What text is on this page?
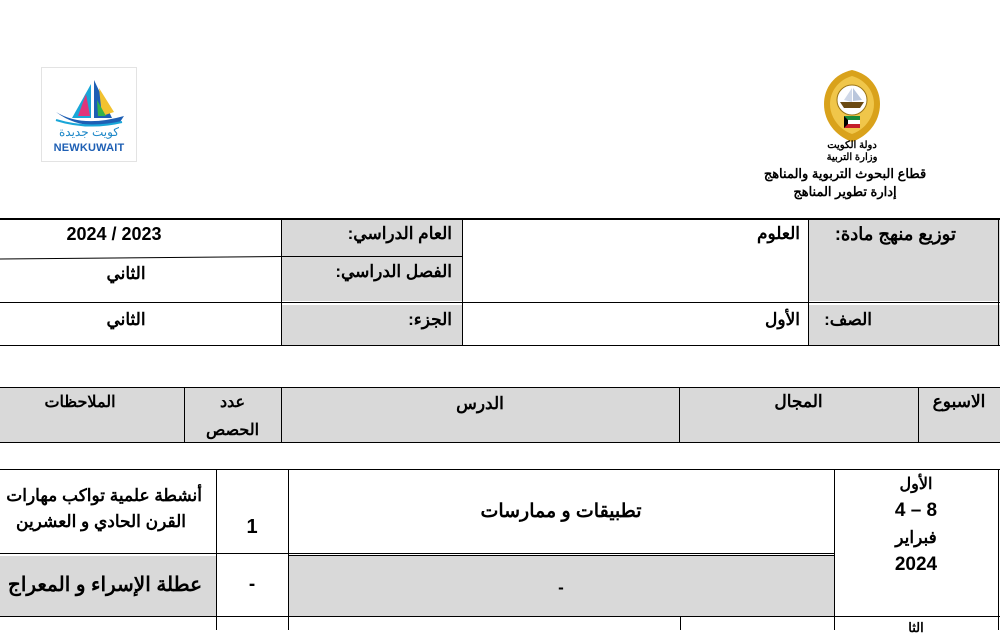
كويت جديدة
NEWKUWAIT	دولة الكويت
وزارة التربية
قطاع البحوث التربوية والمناهج
إدارة تطوير المناهج
توزيع منهج مادة:
العلوم
العام الدراسي:
2023 / 2024
الفصل الدراسي:
الثاني
الصف:
الأول
الجزء:
الثاني
الاسبوع
المجال
الدرس
عدد
الحصص
الملاحظات
الأول
4 – 8
فبراير
2024
تطبيقات و ممارسات
1
أنشطة علمية تواكب مهارات
القرن الحادي و العشرين
-
-
عطلة الإسراء و المعراج
الثا
